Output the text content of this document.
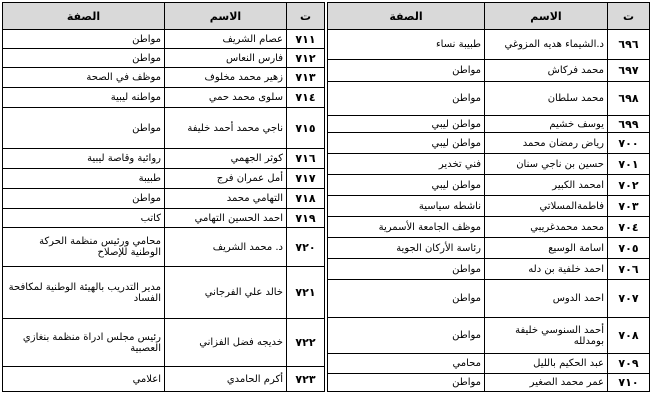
ت	الاسم	الصفة
٦٩٦	د.الشيماء هديه المزوغي	طبيبة نساء
٦٩٧	محمد فركاش	مواطن
٦٩٨	محمد سلطان	مواطن
٦٩٩	يوسف خشيم	مواطن ليبي
٧٠٠	رياض رمضان محمد	مواطن ليبي
٧٠١	حسين بن ناجي سنان	فني تخدير
٧٠٢	امحمد الكبير	مواطن ليبي
٧٠٣	فاطمةالمسلاتي	ناشطه سياسية
٧٠٤	محمد محمدغريبي	موظف الجامعة الأسمرية
٧٠٥	اسامة الوسيع	رئاسة الأركان الجوية
٧٠٦	احمد خلفية بن دله	مواطن
٧٠٧	احمد الدوس	مواطن
٧٠٨	أحمد السنوسي خليفة بومدلله	مواطن
٧٠٩	عبد الحكيم بالليل	محامي
٧١٠	عمر محمد الصغير	مواطن
ت	الاسم	الصفة
٧١١	عصام الشريف	مواطن
٧١٢	فارس النعاس	مواطن
٧١٣	زهير محمد مخلوف	موظف في الصحة
٧١٤	سلوى محمد حمي	مواطنه ليبية
٧١٥	ناجي محمد أحمد خليفة	مواطن
٧١٦	كوثر الجهمي	روائية وقاصة ليبية
٧١٧	أمل عمران فرج	طبيبة
٧١٨	التهامي محمد	مواطن
٧١٩	احمد الحسين التهامي	كاتب
٧٢٠	د. محمد الشريف	محامي ورئيس منظمة الحركة الوطنية للإصلاح
٧٢١	خالد علي الفرجاني	مدير التدريب بالهيئة الوطنية لمكافحة الفساد
٧٢٢	خديجه فضل الفزاني	رئيس مجلس ادراة منظمة بنغازي العصبية
٧٢٣	أكرم الحامدي	اعلامي
